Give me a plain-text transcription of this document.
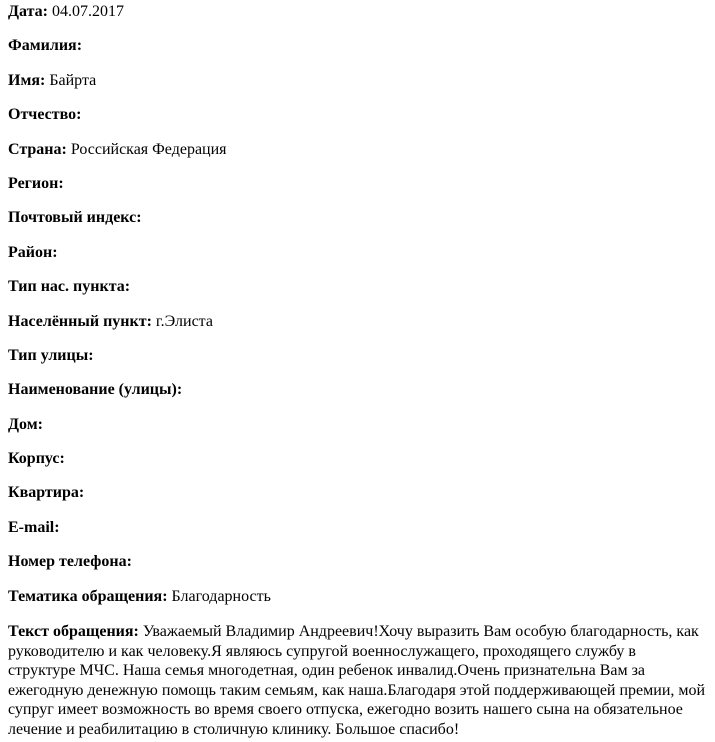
Дата: 04.07.2017

Фамилия:

Имя: Байрта

Отчество:

Страна: Российская Федерация

Регион:

Почтовый индекс:

Район:

Тип нас. пункта:

Населённый пункт: г.Элиста

Тип улицы:

Наименование (улицы):

Дом:

Корпус:

Квартира:

E-mail:

Номер телефона:

Тематика обращения: Благодарность

Текст обращения: Уважаемый Владимир Андреевич!Хочу выразить Вам особую благодарность, как руководителю и как человеку.Я являюсь супругой военнослужащего, проходящего службу в структуре МЧС. Наша семья многодетная, один ребенок инвалид.Очень признательна Вам за ежегодную денежную помощь таким семьям, как наша.Благодаря этой поддерживающей премии, мой супруг имеет возможность во время своего отпуска, ежегодно возить нашего сына на обязательное лечение и реабилитацию в столичную клинику. Большое спасибо!
